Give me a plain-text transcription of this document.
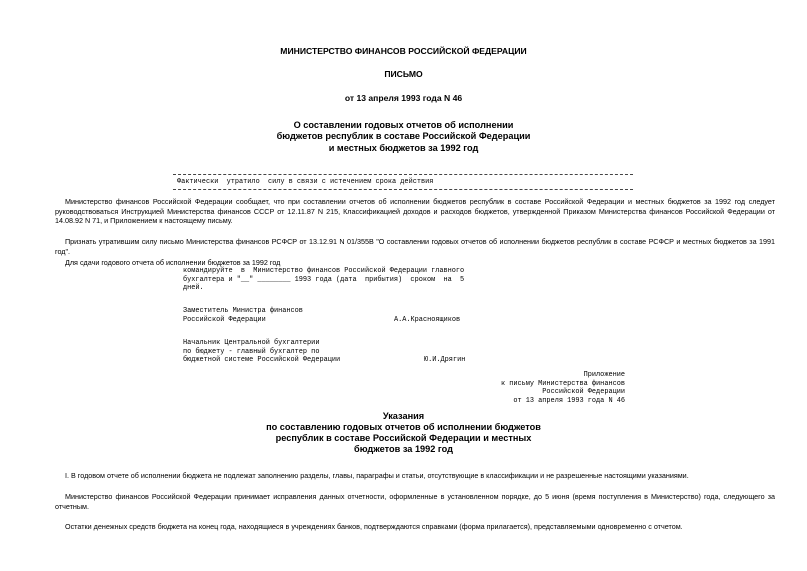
МИНИСТЕРСТВО ФИНАНСОВ РОССИЙСКОЙ ФЕДЕРАЦИИ

ПИСЬМО

от 13 апреля 1993 года N 46

О составлении годовых отчетов об исполнении

бюджетов республик в составе Российской Федерации

и местных бюджетов за 1992 год

Фактически  утратило  силу в связи с истечением срока действия

Министерство финансов Российской Федерации сообщает, что при составлении отчетов об исполнении бюджетов республик в составе Российской Федерации и местных бюджетов за 1992 год следует руководствоваться Инструкцией Министерства финансов СССР от 12.11.87 N 215, Классификацией доходов и расходов бюджетов, утвержденной Приказом Министерства финансов Российской Федерации от 14.08.92 N 71, и Приложением к настоящему письму.

Признать утратившим силу письмо Министерства финансов РСФСР от 13.12.91 N 01/355В "О составлении годовых отчетов об исполнении бюджетов республик в составе РСФСР и местных бюджетов за 1991 год".

Для сдачи годового отчета об исполнении бюджетов за 1992 год

командируйте  в  Министерство финансов Российской Федерации главного

бухгалтера и "__" ________ 1993 года (дата  прибытия)  сроком  на  5

дней.

Заместитель Министра финансов

Российской Федерации	А.А.Красноящиков

Начальник Центральной бухгалтерии

по бюджету - главный бухгалтер по

бюджетной системе Российской Федерации	Ю.И.Дрягин

Приложение

к письму Министерства финансов

Российской Федерации

от 13 апреля 1993 года N 46

Указания

по составлению годовых отчетов об исполнении бюджетов

республик в составе Российской Федерации и местных

бюджетов за 1992 год

I. В годовом отчете об исполнении бюджета не подлежат заполнению разделы, главы, параграфы и статьи, отсутствующие в классификации и не разрешенные настоящими указаниями.

Министерство финансов Российской Федерации принимает исправления данных отчетности, оформленные в установленном порядке, до 5 июня (время поступления в Министерство) года, следующего за отчетным.

Остатки денежных средств бюджета на конец года, находящиеся в учреждениях банков, подтверждаются справками (форма прилагается), представляемыми одновременно с отчетом.
